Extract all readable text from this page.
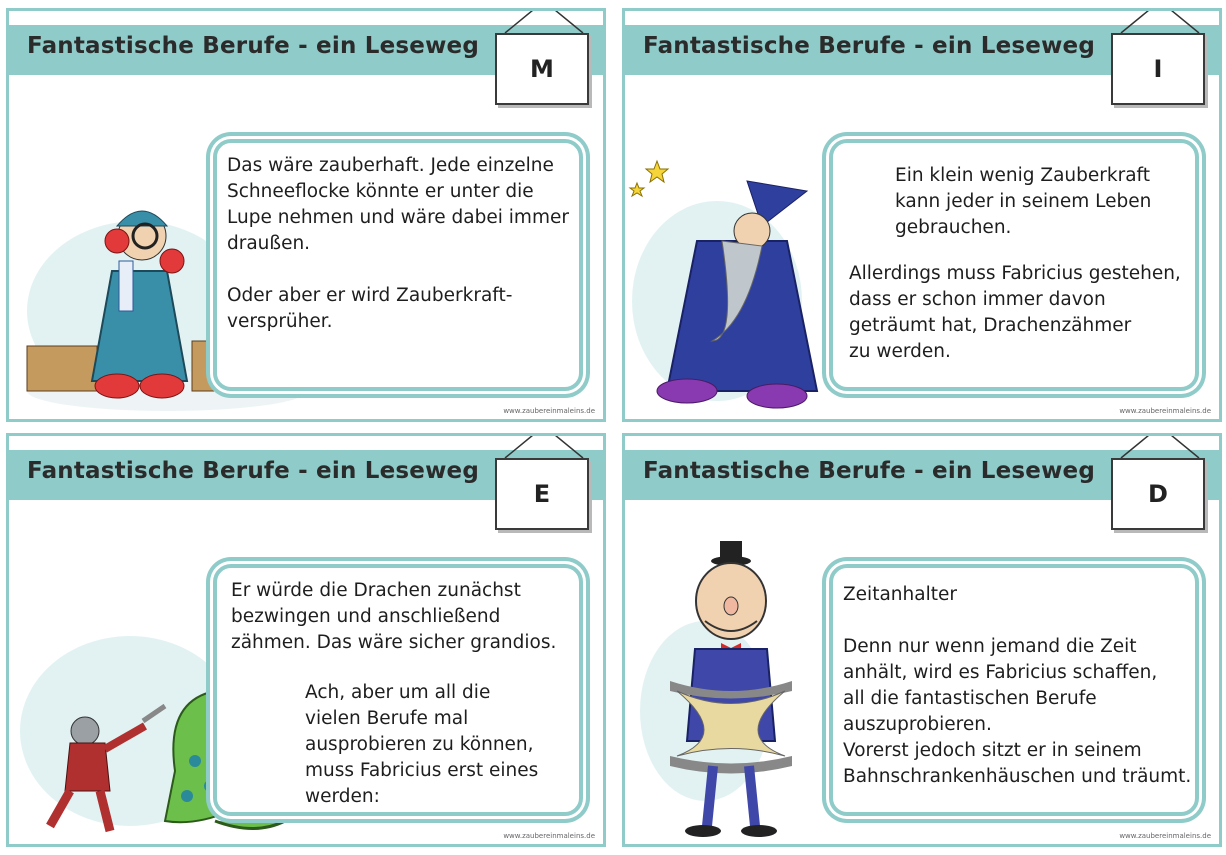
Fantastische Berufe - ein Leseweg
M
Das wäre zauberhaft. Jede einzelne
Schneeflocke könnte er unter die
Lupe nehmen und wäre dabei immer
draußen.
Oder aber er wird Zauberkraft-
versprüher.
www.zaubereinmaleins.de
Fantastische Berufe - ein Leseweg
I
Ein klein wenig Zauberkraft
kann jeder in seinem Leben
gebrauchen.
Allerdings muss Fabricius gestehen,
dass er schon immer davon
geträumt hat, Drachenzähmer
zu werden.
www.zaubereinmaleins.de
Fantastische Berufe - ein Leseweg
E
Er würde die Drachen zunächst
bezwingen und anschließend
zähmen. Das wäre sicher grandios.
Ach, aber um all die
vielen Berufe mal
ausprobieren zu können,
muss Fabricius erst eines
werden:
www.zaubereinmaleins.de
Fantastische Berufe - ein Leseweg
D
Zeitanhalter
Denn nur wenn jemand die Zeit
anhält, wird es Fabricius schaffen,
all die fantastischen Berufe
auszuprobieren.
Vorerst jedoch sitzt er in seinem
Bahnschrankenhäuschen und träumt.
www.zaubereinmaleins.de
